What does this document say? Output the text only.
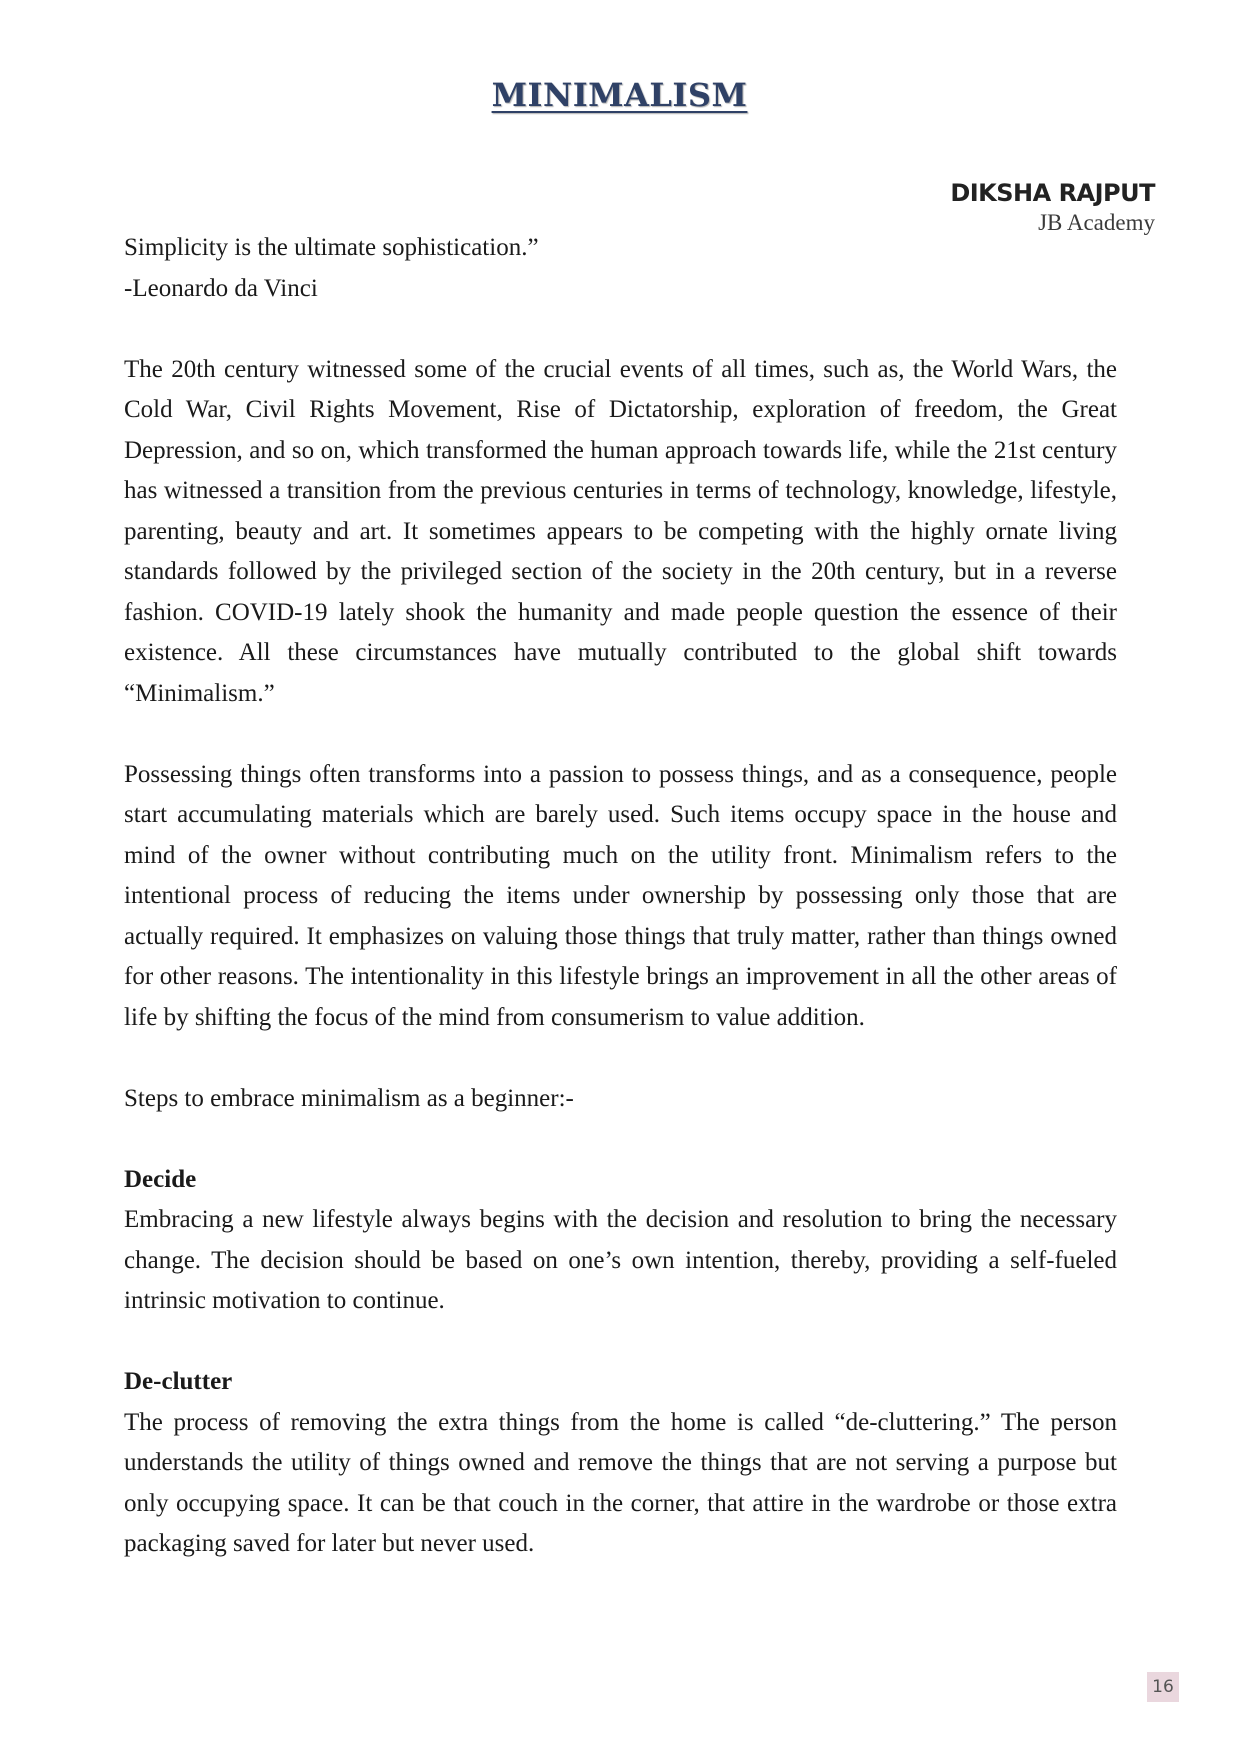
MINIMALISM
DIKSHA RAJPUT
JB Academy

Simplicity is the ultimate sophistication.”

-Leonardo da Vinci

The 20th century witnessed some of the crucial events of all times, such as, the World Wars, the Cold War, Civil Rights Movement, Rise of Dictatorship, exploration of freedom, the Great Depression, and so on, which transformed the human approach towards life, while the 21st century has witnessed a transition from the previous centuries in terms of technology, knowledge, lifestyle, parenting, beauty and art. It sometimes appears to be competing with the highly ornate living standards followed by the privileged section of the society in the 20th century, but in a reverse fashion. COVID-19 lately shook the humanity and made people question the essence of their existence. All these circumstances have mutually contributed to the global shift towards “Minimalism.”

Possessing things often transforms into a passion to possess things, and as a consequence, people start accumulating materials which are barely used. Such items occupy space in the house and mind of the owner without contributing much on the utility front. Minimalism refers to the intentional process of reducing the items under ownership by possessing only those that are actually required. It emphasizes on valuing those things that truly matter, rather than things owned for other reasons. The intentionality in this lifestyle brings an improvement in all the other areas of life by shifting the focus of the mind from consumerism to value addition.

Steps to embrace minimalism as a beginner:-

Decide

Embracing a new lifestyle always begins with the decision and resolution to bring the necessary change. The decision should be based on one’s own intention, thereby, providing a self-fueled intrinsic motivation to continue.

De-clutter

The process of removing the extra things from the home is called “de-cluttering.” The person understands the utility of things owned and remove the things that are not serving a purpose but only occupying space. It can be that couch in the corner, that attire in the wardrobe or those extra packaging saved for later but never used.

16
